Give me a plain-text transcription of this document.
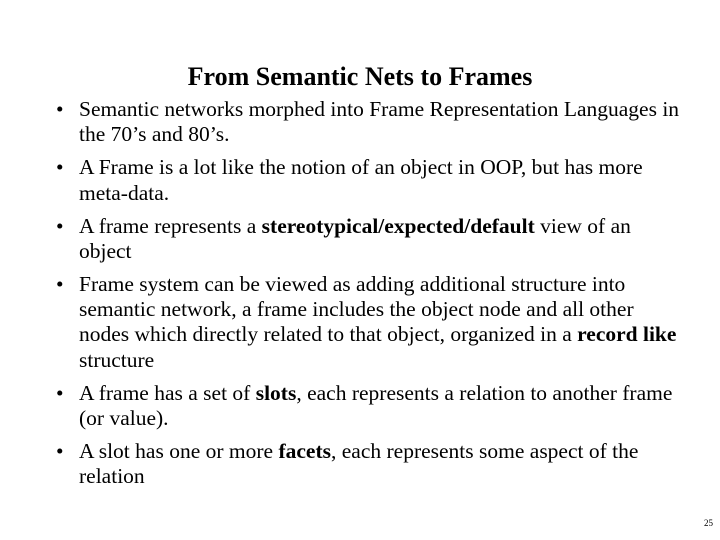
From Semantic Nets to Frames
• Semantic networks morphed into Frame Representation Languages in the 70’s and 80’s.
• A Frame is a lot like the notion of an object in OOP, but has more meta-data.
• A frame represents a stereotypical/expected/default view of an object
• Frame system can be viewed as adding additional structure into semantic network, a frame includes the object node and all other nodes which directly related to that object, organized in a record like structure
• A frame has a set of slots, each represents a relation to another frame (or value).
• A slot has one or more facets, each represents some aspect of the relation
25
